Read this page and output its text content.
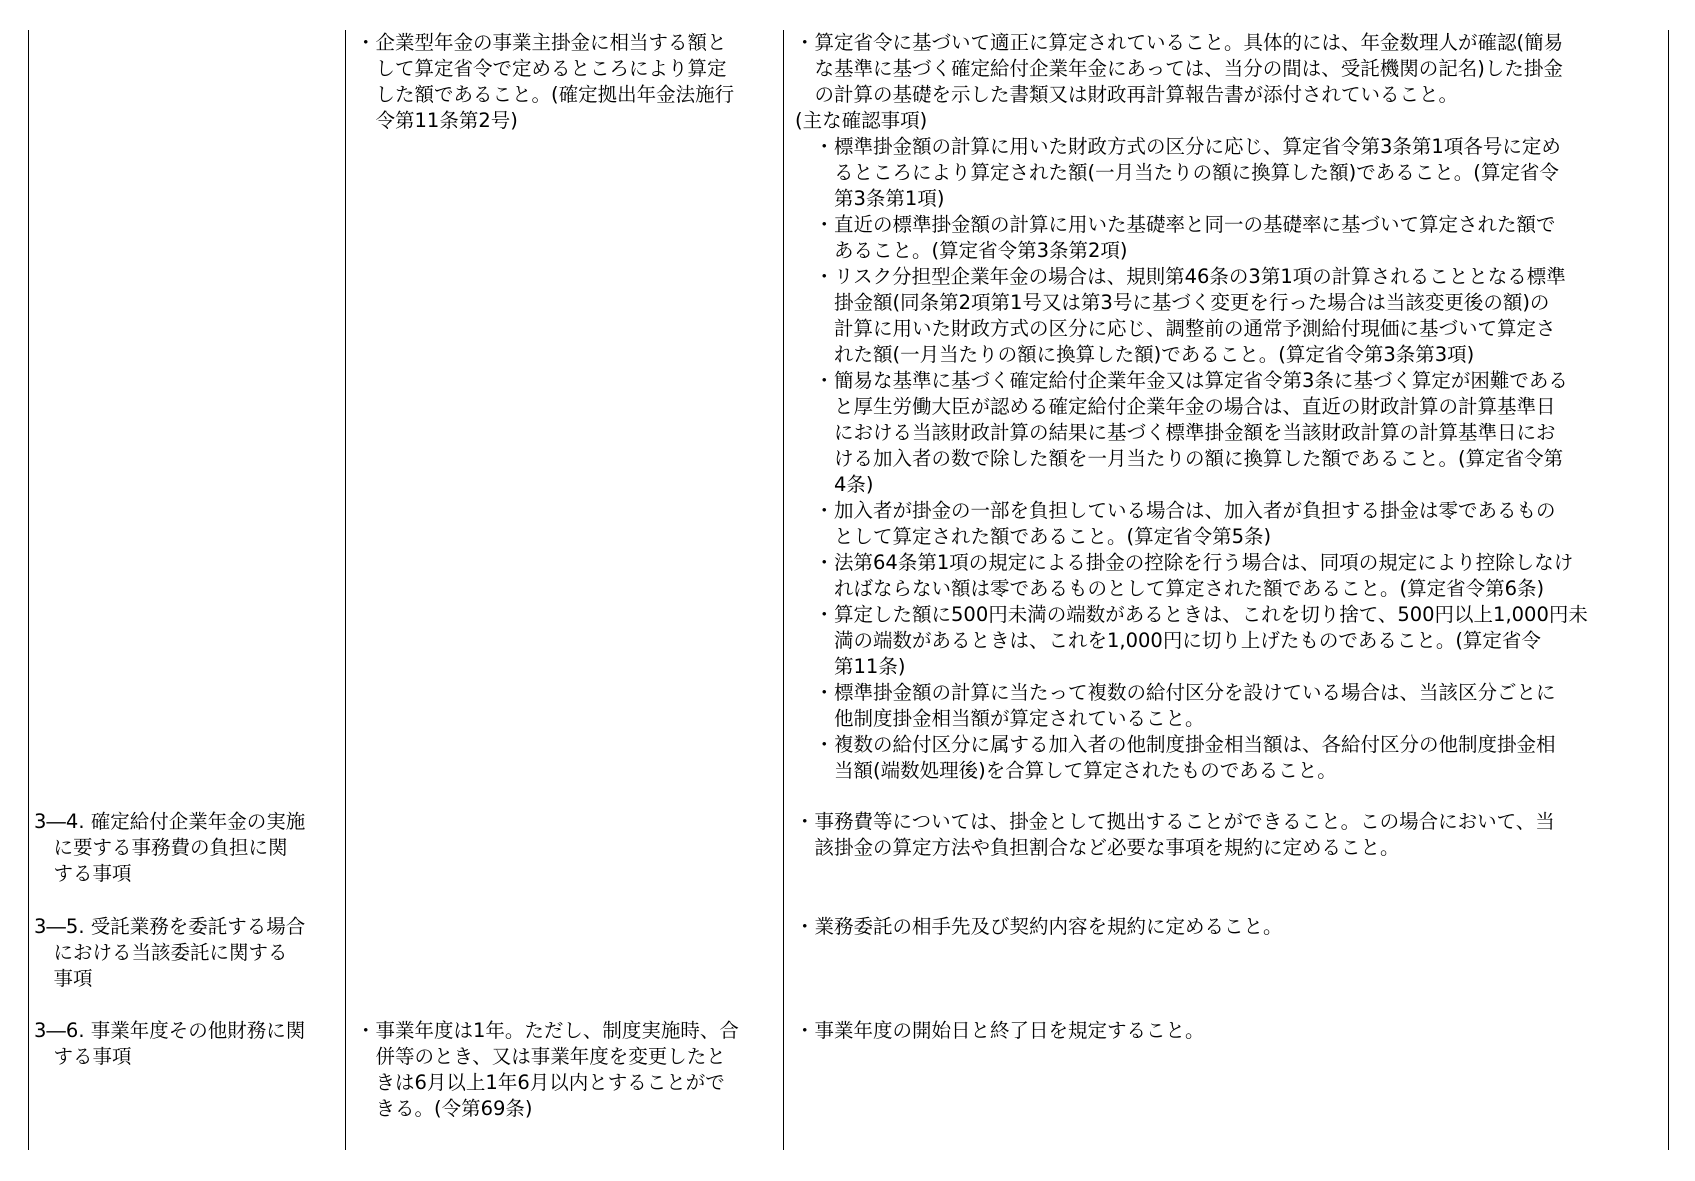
・企業型年金の事業主掛金に相当する額と
　して算定省令で定めるところにより算定
　した額であること。(確定拠出年金法施行
　令第11条第2号)
・事業年度は1年。ただし、制度実施時、合
　併等のとき、又は事業年度を変更したと
　きは6月以上1年6月以内とすることがで
　きる。(令第69条)
3―4. 確定給付企業年金の実施
　に要する事務費の負担に関
　する事項
3―5. 受託業務を委託する場合
　における当該委託に関する
　事項
3―6. 事業年度その他財務に関
　する事項
・算定省令に基づいて適正に算定されていること。具体的には、年金数理人が確認(簡易
　な基準に基づく確定給付企業年金にあっては、当分の間は、受託機関の記名)した掛金
　の計算の基礎を示した書類又は財政再計算報告書が添付されていること。
(主な確認事項)
　・標準掛金額の計算に用いた財政方式の区分に応じ、算定省令第3条第1項各号に定め
　　るところにより算定された額(一月当たりの額に換算した額)であること。(算定省令
　　第3条第1項)
　・直近の標準掛金額の計算に用いた基礎率と同一の基礎率に基づいて算定された額で
　　あること。(算定省令第3条第2項)
　・リスク分担型企業年金の場合は、規則第46条の3第1項の計算されることとなる標準
　　掛金額(同条第2項第1号又は第3号に基づく変更を行った場合は当該変更後の額)の
　　計算に用いた財政方式の区分に応じ、調整前の通常予測給付現価に基づいて算定さ
　　れた額(一月当たりの額に換算した額)であること。(算定省令第3条第3項)
　・簡易な基準に基づく確定給付企業年金又は算定省令第3条に基づく算定が困難である
　　と厚生労働大臣が認める確定給付企業年金の場合は、直近の財政計算の計算基準日
　　における当該財政計算の結果に基づく標準掛金額を当該財政計算の計算基準日にお
　　ける加入者の数で除した額を一月当たりの額に換算した額であること。(算定省令第
　　4条)
　・加入者が掛金の一部を負担している場合は、加入者が負担する掛金は零であるもの
　　として算定された額であること。(算定省令第5条)
　・法第64条第1項の規定による掛金の控除を行う場合は、同項の規定により控除しなけ
　　ればならない額は零であるものとして算定された額であること。(算定省令第6条)
　・算定した額に500円未満の端数があるときは、これを切り捨て、500円以上1,000円未
　　満の端数があるときは、これを1,000円に切り上げたものであること。(算定省令
　　第11条)
　・標準掛金額の計算に当たって複数の給付区分を設けている場合は、当該区分ごとに
　　他制度掛金相当額が算定されていること。
　・複数の給付区分に属する加入者の他制度掛金相当額は、各給付区分の他制度掛金相
　　当額(端数処理後)を合算して算定されたものであること。
・事務費等については、掛金として拠出することができること。この場合において、当
　該掛金の算定方法や負担割合など必要な事項を規約に定めること。
・業務委託の相手先及び契約内容を規約に定めること。
・事業年度の開始日と終了日を規定すること。
